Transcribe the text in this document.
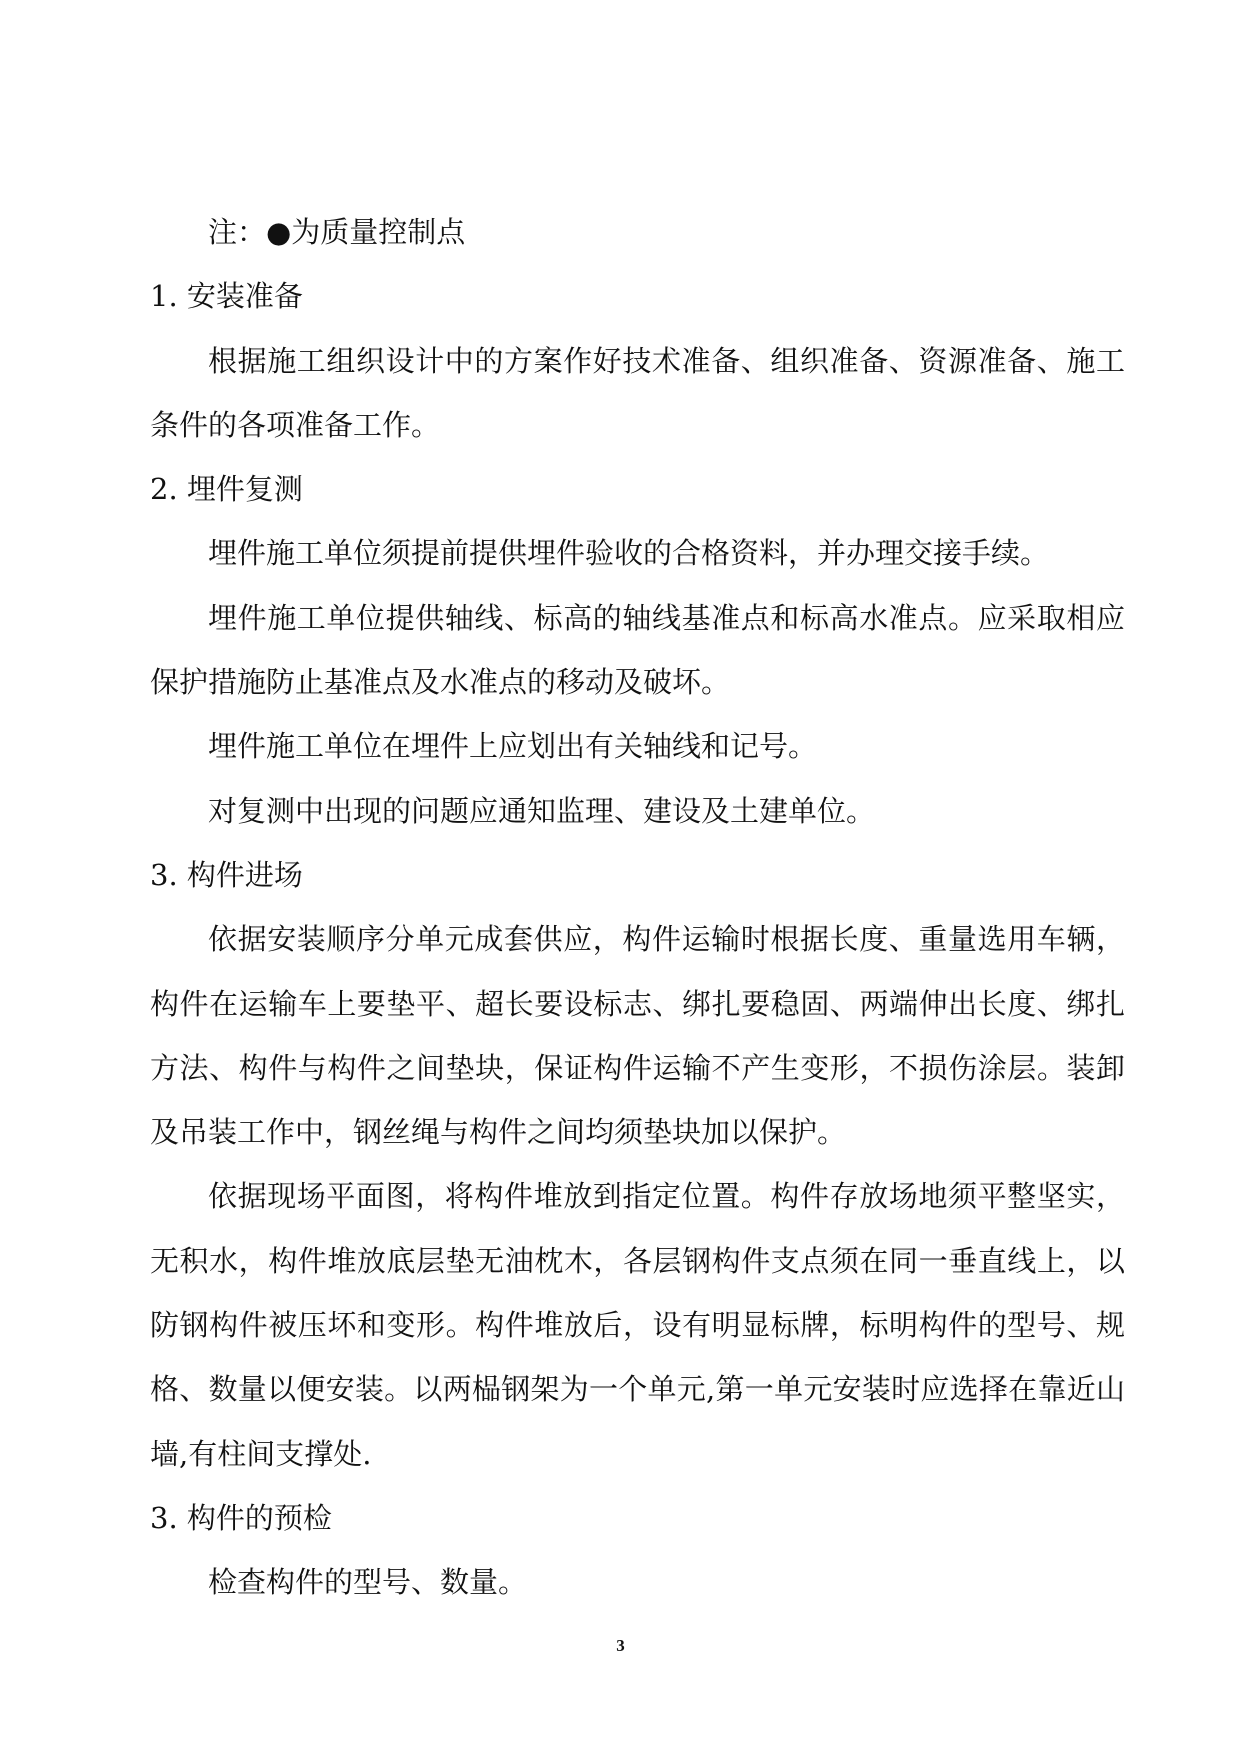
注：●为质量控制点

1. 安装准备

根据施工组织设计中的方案作好技术准备、组织准备、资源准备、施工条件的各项准备工作。

2. 埋件复测

埋件施工单位须提前提供埋件验收的合格资料，并办理交接手续。

埋件施工单位提供轴线、标高的轴线基准点和标高水准点。应采取相应保护措施防止基准点及水准点的移动及破坏。

埋件施工单位在埋件上应划出有关轴线和记号。

对复测中出现的问题应通知监理、建设及土建单位。

3. 构件进场

依据安装顺序分单元成套供应，构件运输时根据长度、重量选用车辆，构件在运输车上要垫平、超长要设标志、绑扎要稳固、两端伸出长度、绑扎方法、构件与构件之间垫块，保证构件运输不产生变形，不损伤涂层。装卸及吊装工作中，钢丝绳与构件之间均须垫块加以保护。

依据现场平面图，将构件堆放到指定位置。构件存放场地须平整坚实，无积水，构件堆放底层垫无油枕木，各层钢构件支点须在同一垂直线上，以防钢构件被压坏和变形。构件堆放后，设有明显标牌，标明构件的型号、规格、数量以便安装。以两榀钢架为一个单元,第一单元安装时应选择在靠近山墙,有柱间支撑处.

3. 构件的预检

检查构件的型号、数量。

3
